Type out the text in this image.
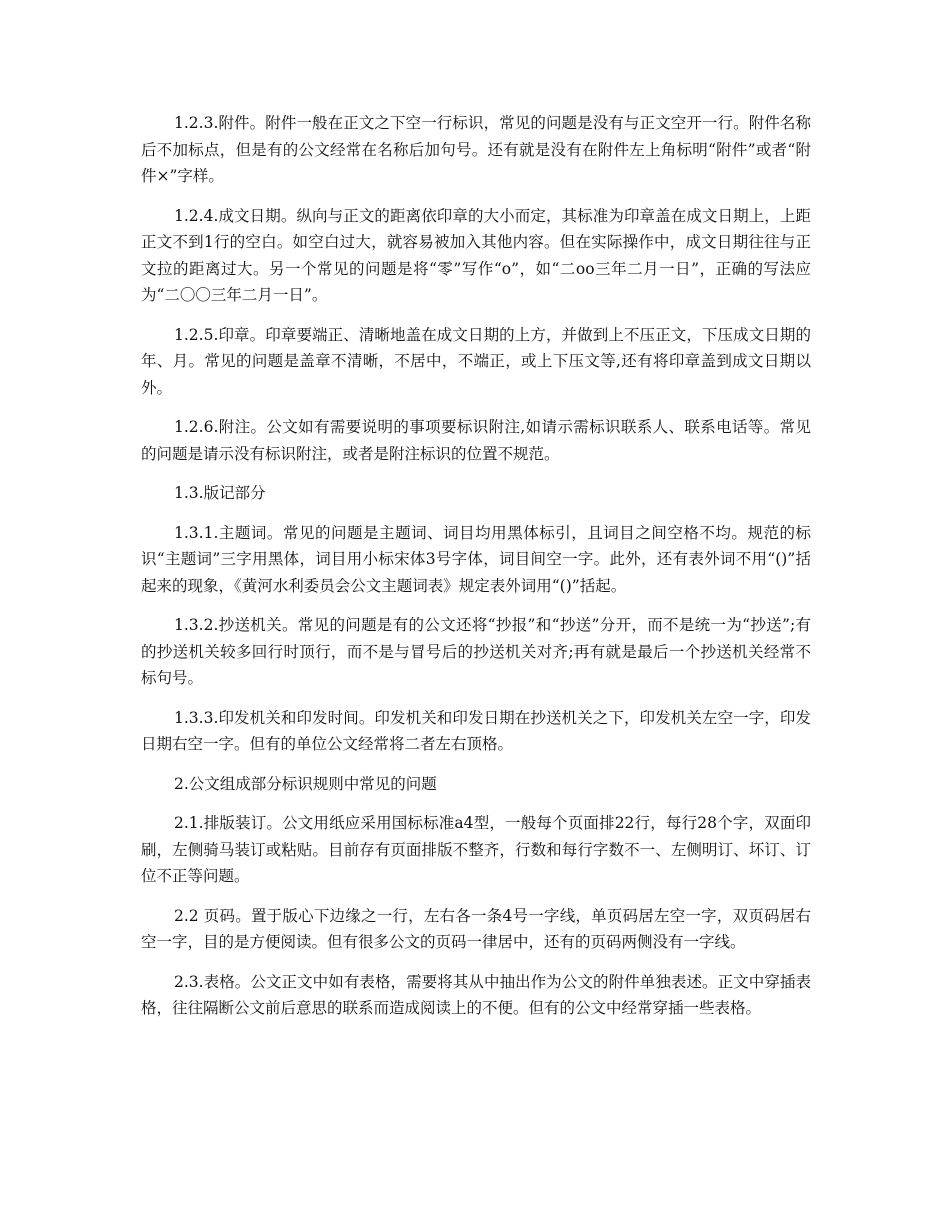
1.2.3.附件。附件一般在正文之下空一行标识，常见的问题是没有与正文空开一行。附件名称后不加标点，但是有的公文经常在名称后加句号。还有就是没有在附件左上角标明“附件”或者“附件×”字样。

1.2.4.成文日期。纵向与正文的距离依印章的大小而定，其标准为印章盖在成文日期上，上距正文不到1行的空白。如空白过大，就容易被加入其他内容。但在实际操作中，成文日期往往与正文拉的距离过大。另一个常见的问题是将“零”写作“o”，如“二oo三年二月一日”，正确的写法应为“二〇〇三年二月一日”。

1.2.5.印章。印章要端正、清晰地盖在成文日期的上方，并做到上不压正文，下压成文日期的年、月。常见的问题是盖章不清晰，不居中，不端正，或上下压文等,还有将印章盖到成文日期以外。

1.2.6.附注。公文如有需要说明的事项要标识附注,如请示需标识联系人、联系电话等。常见的问题是请示没有标识附注，或者是附注标识的位置不规范。

1.3.版记部分

1.3.1.主题词。常见的问题是主题词、词目均用黑体标引，且词目之间空格不均。规范的标识“主题词”三字用黑体，词目用小标宋体3号字体，词目间空一字。此外，还有表外词不用“()”括起来的现象，《黄河水利委员会公文主题词表》规定表外词用“()”括起。

1.3.2.抄送机关。常见的问题是有的公文还将“抄报”和“抄送”分开，而不是统一为“抄送”;有的抄送机关较多回行时顶行，而不是与冒号后的抄送机关对齐;再有就是最后一个抄送机关经常不标句号。

1.3.3.印发机关和印发时间。印发机关和印发日期在抄送机关之下，印发机关左空一字，印发日期右空一字。但有的单位公文经常将二者左右顶格。

2.公文组成部分标识规则中常见的问题

2.1.排版装订。公文用纸应采用国标标准a4型，一般每个页面排22行，每行28个字，双面印刷，左侧骑马装订或粘贴。目前存有页面排版不整齐，行数和每行字数不一、左侧明订、坏订、订位不正等问题。

2.2 页码。置于版心下边缘之一行，左右各一条4号一字线，单页码居左空一字，双页码居右空一字，目的是方便阅读。但有很多公文的页码一律居中，还有的页码两侧没有一字线。

2.3.表格。公文正文中如有表格，需要将其从中抽出作为公文的附件单独表述。正文中穿插表格，往往隔断公文前后意思的联系而造成阅读上的不便。但有的公文中经常穿插一些表格。
